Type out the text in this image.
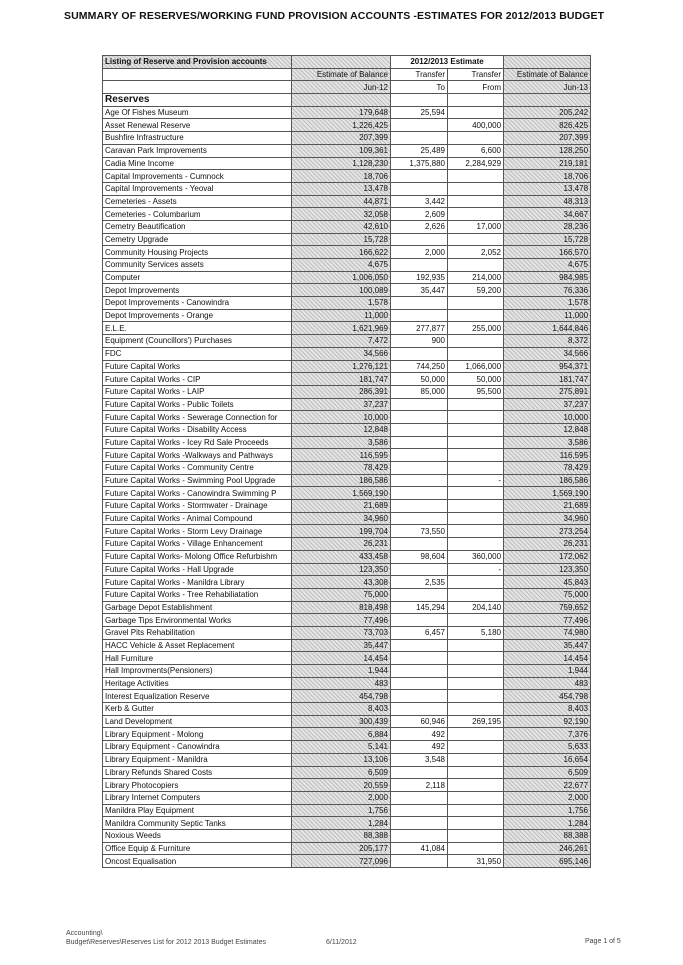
SUMMARY OF RESERVES/WORKING FUND PROVISION ACCOUNTS -ESTIMATES FOR 2012/2013 BUDGET
Listing of Reserve and Provision accounts		2012/2013 Estimate		
	Estimate of Balance	Transfer	Transfer	Estimate of Balance
	Jun-12	To	From	Jun-13
Reserves				
Age Of Fishes Museum	179,648	25,594		205,242
Asset Renewal Reserve	1,226,425		400,000	826,425
Bushfire Infrastructure	207,399			207,399
Caravan Park Improvements	109,361	25,489	6,600	128,250
Cadia Mine Income	1,128,230	1,375,880	2,284,929	219,181
Capital Improvements - Cumnock	18,706			18,706
Capital Improvements - Yeoval	13,478			13,478
Cemeteries - Assets	44,871	3,442		48,313
Cemeteries - Columbarium	32,058	2,609		34,667
Cemetry Beautification	42,610	2,626	17,000	28,236
Cemetry Upgrade	15,728			15,728
Community Housing Projects	166,622	2,000	2,052	166,570
Community Services assets	4,675			4,675
Computer	1,006,050	192,935	214,000	984,985
Depot Improvements	100,089	35,447	59,200	76,336
Depot Improvements - Canowindra	1,578			1,578
Depot Improvements - Orange	11,000			11,000
E.L.E.	1,621,969	277,877	255,000	1,644,846
Equipment (Councillors') Purchases	7,472	900		8,372
FDC	34,566			34,566
Future Capital Works	1,276,121	744,250	1,066,000	954,371
Future Capital Works - CIP	181,747	50,000	50,000	181,747
Future Capital Works - LAIP	286,391	85,000	95,500	275,891
Future Capital Works - Public Toilets	37,237			37,237
Future Capital Works - Sewerage Connection for	10,000			10,000
Future Capital Works - Disability Access	12,848			12,848
Future Capital Works - Icey Rd Sale Proceeds	3,586			3,586
Future Capital Works -Walkways and Pathways	116,595			116,595
Future Capital Works - Community Centre	78,429			78,429
Future Capital Works - Swimming Pool Upgrade	186,586		-	186,586
Future Capital Works - Canowindra Swimming P	1,569,190			1,569,190
Future Capital Works - Stormwater - Drainage	21,689			21,689
Future Capital Works - Animal Compound	34,960			34,960
Future Capital Works - Storm Levy Drainage	199,704	73,550		273,254
Future Capital Works - Village Enhancement	26,231			26,231
Future Capital Works- Molong Office Refurbishm	433,458	98,604	360,000	172,062
Future Capital Works - Hall Upgrade	123,350		-	123,350
Future Capital Works - Manildra Library	43,308	2,535		45,843
Future Capital Works - Tree Rehabiliatation	75,000			75,000
Garbage Depot Establishment	818,498	145,294	204,140	759,652
Garbage Tips Environmental Works	77,496			77,496
Gravel Pits Rehabilitation	73,703	6,457	5,180	74,980
HACC Vehicle & Asset Replacement	35,447			35,447
Hall Furniture	14,454			14,454
Hall Improvments(Pensioners)	1,944			1,944
Heritage Activities	483			483
Interest Equalization Reserve	454,798			454,798
Kerb & Gutter	8,403			8,403
Land Development	300,439	60,946	269,195	92,190
Library Equipment - Molong	6,884	492		7,376
Library Equipment - Canowindra	5,141	492		5,633
Library Equipment - Manildra	13,106	3,548		16,654
Library Refunds Shared Costs	6,509			6,509
Library Photocopiers	20,559	2,118		22,677
Library Internet Computers	2,000			2,000
Manildra Play Equipment	1,756			1,756
Manildra Community Septic Tanks	1,284			1,284
Noxious Weeds	88,388			88,388
Office Equip & Furniture	205,177	41,084		246,261
Oncost Equalisation	727,096		31,950	695,146
Accounting\
Budget\Reserves\Reserves List for 2012 2013 Budget Estimates	6/11/2012	Page 1 of 5
